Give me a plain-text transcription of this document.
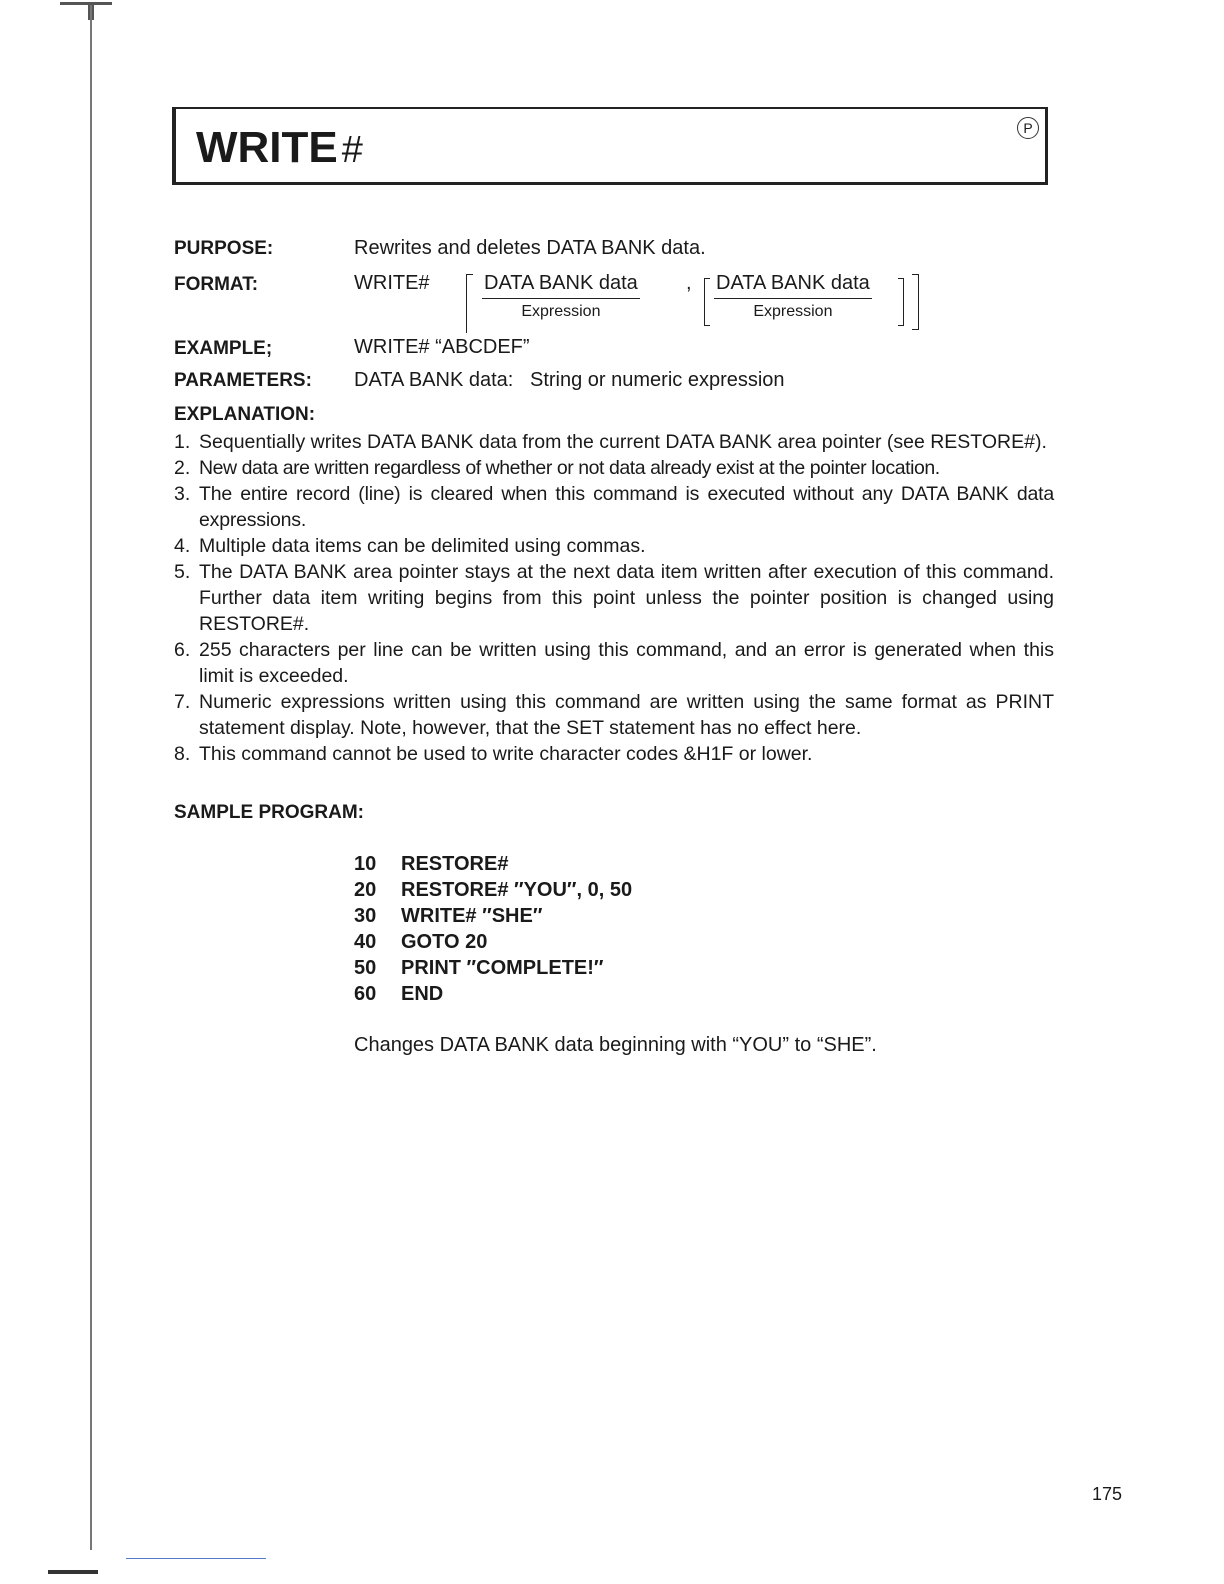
WRITE #
P
PURPOSE:	Rewrites and deletes DATA BANK data.
FORMAT:	WRITE#	DATA BANK data
Expression
, DATA BANK data
Expression
EXAMPLE;	WRITE# “ABCDEF”
PARAMETERS: DATA BANK data:   String or numeric expression
EXPLANATION:
1. Sequentially writes DATA BANK data from the current DATA BANK area pointer (see RESTORE#).
2. New data are written regardless of whether or not data already exist at the pointer location.
3. The entire record (line) is cleared when this command is executed without any DATA BANK data expressions.
4. Multiple data items can be delimited using commas.
5. The DATA BANK area pointer stays at the next data item written after execution of this command. Further data item writing begins from this point unless the pointer position is changed using RESTORE#.
6. 255 characters per line can be written using this command, and an error is generated when this limit is exceeded.
7. Numeric expressions written using this command are written using the same format as PRINT statement display. Note, however, that the SET statement has no effect here.
8. This command cannot be used to write character codes &H1F or lower.
SAMPLE PROGRAM:
10 RESTORE#
20 RESTORE# ″YOU″, 0, 50
30 WRITE# ″SHE″
40 GOTO 20
50 PRINT ″COMPLETE!″
60 END
Changes DATA BANK data beginning with “YOU” to “SHE”.
175
